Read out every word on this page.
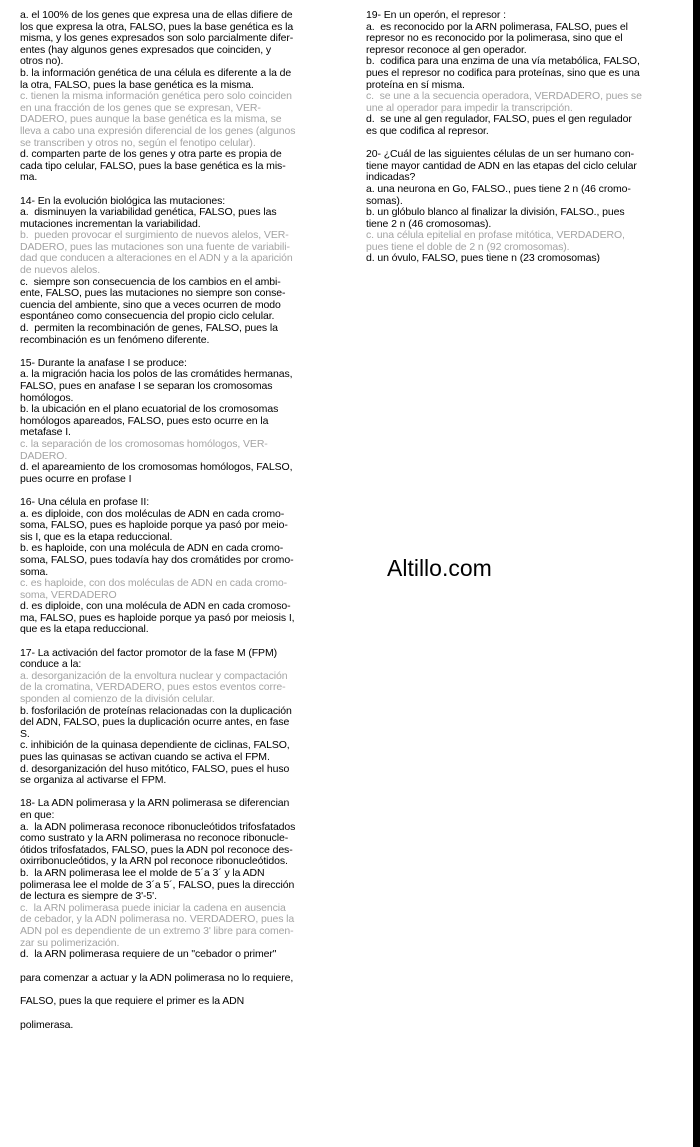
a. el 100% de los genes que expresa una de ellas difiere de
los que expresa la otra, FALSO, pues la base genética es la
misma, y los genes expresados son solo parcialmente difer-
entes (hay algunos genes expresados que coinciden, y
otros no).
b. la información genética de una célula es diferente a la de
la otra, FALSO, pues la base genética es la misma.
c. tienen la misma información genética pero solo coinciden
en una fracción de los genes que se expresan, VER-
DADERO, pues aunque la base genética es la misma, se
lleva a cabo una expresión diferencial de los genes (algunos
se transcriben y otros no, según el fenotipo celular).
d. comparten parte de los genes y otra parte es propia de
cada tipo celular, FALSO, pues la base genética es la mis-
ma.
14- En la evolución biológica las mutaciones:
a.  disminuyen la variabilidad genética, FALSO, pues las
mutaciones incrementan la variabilidad.
b.  pueden provocar el surgimiento de nuevos alelos, VER-
DADERO, pues las mutaciones son una fuente de variabili-
dad que conducen a alteraciones en el ADN y a la aparición
de nuevos alelos.
c.  siempre son consecuencia de los cambios en el ambi-
ente, FALSO, pues las mutaciones no siempre son conse-
cuencia del ambiente, sino que a veces ocurren de modo
espontáneo como consecuencia del propio ciclo celular.
d.  permiten la recombinación de genes, FALSO, pues la
recombinación es un fenómeno diferente.
15- Durante la anafase I se produce:
a. la migración hacia los polos de las cromátides hermanas,
FALSO, pues en anafase I se separan los cromosomas
homólogos.
b. la ubicación en el plano ecuatorial de los cromosomas
homólogos apareados, FALSO, pues esto ocurre en la
metafase I.
c. la separación de los cromosomas homólogos, VER-
DADERO.
d. el apareamiento de los cromosomas homólogos, FALSO,
pues ocurre en profase I
16- Una célula en profase II:
a. es diploide, con dos moléculas de ADN en cada cromo-
soma, FALSO, pues es haploide porque ya pasó por meio-
sis I, que es la etapa reduccional.
b. es haploide, con una molécula de ADN en cada cromo-
soma, FALSO, pues todavía hay dos cromátides por cromo-
soma.
c. es haploide, con dos moléculas de ADN en cada cromo-
soma, VERDADERO
d. es diploide, con una molécula de ADN en cada cromoso-
ma, FALSO, pues es haploide porque ya pasó por meiosis I,
que es la etapa reduccional.
17- La activación del factor promotor de la fase M (FPM)
conduce a la:
a. desorganización de la envoltura nuclear y compactación
de la cromatina, VERDADERO, pues estos eventos corre-
sponden al comienzo de la división celular.
b. fosforilación de proteínas relacionadas con la duplicación
del ADN, FALSO, pues la duplicación ocurre antes, en fase
S.
c. inhibición de la quinasa dependiente de ciclinas, FALSO,
pues las quinasas se activan cuando se activa el FPM.
d. desorganización del huso mitótico, FALSO, pues el huso
se organiza al activarse el FPM.
18- La ADN polimerasa y la ARN polimerasa se diferencian
en que:
a.  la ADN polimerasa reconoce ribonucleótidos trifosfatados
como sustrato y la ARN polimerasa no reconoce ribonucle-
ótidos trifosfatados, FALSO, pues la ADN pol reconoce des-
oxirribonucleótidos, y la ARN pol reconoce ribonucleótidos.
b.  la ARN polimerasa lee el molde de 5´a 3´ y la ADN
polimerasa lee el molde de 3´a 5´, FALSO, pues la dirección
de lectura es siempre de 3'-5'.
c.  la ARN polimerasa puede iniciar la cadena en ausencia
de cebador, y la ADN polimerasa no. VERDADERO, pues la
ADN pol es dependiente de un extremo 3' libre para comen-
zar su polimerización.
d.  la ARN polimerasa requiere de un "cebador o primer"
para comenzar a actuar y la ADN polimerasa no lo requiere,
FALSO, pues la que requiere el primer es la ADN
polimerasa.
19- En un operón, el represor :
a.  es reconocido por la ARN polimerasa, FALSO, pues el
represor no es reconocido por la polimerasa, sino que el
represor reconoce al gen operador.
b.  codifica para una enzima de una vía metabólica, FALSO,
pues el represor no codifica para proteínas, sino que es una
proteína en sí misma.
c.  se une a la secuencia operadora, VERDADERO, pues se
une al operador para impedir la transcripción.
d.  se une al gen regulador, FALSO, pues el gen regulador
es que codifica al represor.
20- ¿Cuál de las siguientes células de un ser humano con-
tiene mayor cantidad de ADN en las etapas del ciclo celular
indicadas?
a. una neurona en Go, FALSO., pues tiene 2 n (46 cromo-
somas).
b. un glóbulo blanco al finalizar la división, FALSO., pues
tiene 2 n (46 cromosomas).
c. una célula epitelial en profase mitótica, VERDADERO,
pues tiene el doble de 2 n (92 cromosomas).
d. un óvulo, FALSO, pues tiene n (23 cromosomas)
Altillo.com
